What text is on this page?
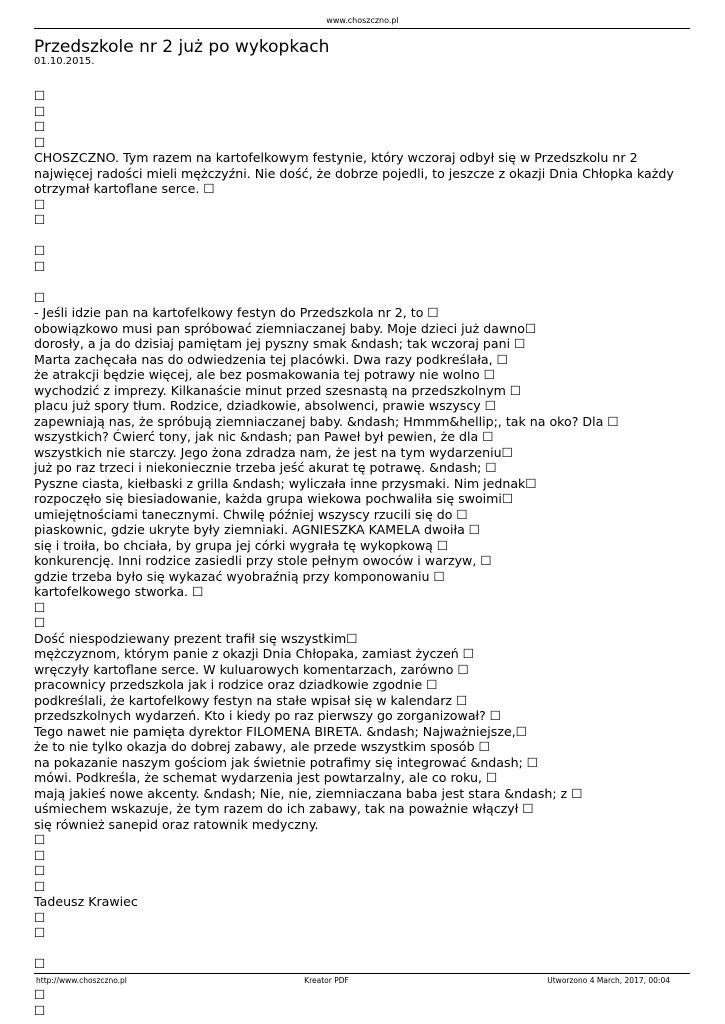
www.choszczno.pl
Przedszkole nr 2 już po wykopkach
01.10.2015.
☐
☐
☐
☐
CHOSZCZNO. Tym razem na kartofelkowym festynie, który wczoraj odbył się w Przedszkolu nr 2
najwięcej radości mieli mężczyźni. Nie dość, że dobrze pojedli, to jeszcze z okazji Dnia Chłopka każdy
otrzymał kartoflane serce. ☐
☐
☐
☐
☐
☐
- Jeśli idzie pan na kartofelkowy festyn do Przedszkola nr 2, to ☐
obowiązkowo musi pan spróbować ziemniaczanej baby. Moje dzieci już dawno☐
dorosły, a ja do dzisiaj pamiętam jej pyszny smak &ndash; tak wczoraj pani ☐
Marta zachęcała nas do odwiedzenia tej placówki. Dwa razy podkreślała, ☐
że atrakcji będzie więcej, ale bez posmakowania tej potrawy nie wolno ☐
wychodzić z imprezy. Kilkanaście minut przed szesnastą na przedszkolnym ☐
placu już spory tłum. Rodzice, dziadkowie, absolwenci, prawie wszyscy ☐
zapewniają nas, że spróbują ziemniaczanej baby. &ndash; Hmmm&hellip;, tak na oko? Dla ☐
wszystkich? Ćwierć tony, jak nic &ndash; pan Paweł był pewien, że dla ☐
wszystkich nie starczy. Jego żona zdradza nam, że jest na tym wydarzeniu☐
już po raz trzeci i niekoniecznie trzeba jeść akurat tę potrawę. &ndash; ☐
Pyszne ciasta, kiełbaski z grilla &ndash; wyliczała inne przysmaki. Nim jednak☐
rozpoczęło się biesiadowanie, każda grupa wiekowa pochwaliła się swoimi☐
umiejętnościami tanecznymi. Chwilę później wszyscy rzucili się do ☐
piaskownic, gdzie ukryte były ziemniaki. AGNIESZKA KAMELA dwoiła ☐
się i troiła, bo chciała, by grupa jej córki wygrała tę wykopkową ☐
konkurencję. Inni rodzice zasiedli przy stole pełnym owoców i warzyw, ☐
gdzie trzeba było się wykazać wyobraźnią przy komponowaniu ☐
kartofelkowego stworka. ☐
☐
☐
Dość niespodziewany prezent trafił się wszystkim☐
mężczyznom, którym panie z okazji Dnia Chłopaka, zamiast życzeń ☐
wręczyły kartoflane serce. W kuluarowych komentarzach, zarówno ☐
pracownicy przedszkola jak i rodzice oraz dziadkowie zgodnie ☐
podkreślali, że kartofelkowy festyn na stałe wpisał się w kalendarz ☐
przedszkolnych wydarzeń. Kto i kiedy po raz pierwszy go zorganizował? ☐
Tego nawet nie pamięta dyrektor FILOMENA BIRETA. &ndash; Najważniejsze,☐
że to nie tylko okazja do dobrej zabawy, ale przede wszystkim sposób ☐
na pokazanie naszym gościom jak świetnie potrafimy się integrować &ndash; ☐
mówi. Podkreśla, że schemat wydarzenia jest powtarzalny, ale co roku, ☐
mają jakieś nowe akcenty. &ndash; Nie, nie, ziemniaczana baba jest stara &ndash; z ☐
uśmiechem wskazuje, że tym razem do ich zabawy, tak na poważnie włączył ☐
się również sanepid oraz ratownik medyczny.
☐
☐
☐
☐
Tadeusz Krawiec
☐
☐
☐
☐
☐
http://www.choszczno.pl	Kreator PDF	Utworzono 4 March, 2017, 00:04
